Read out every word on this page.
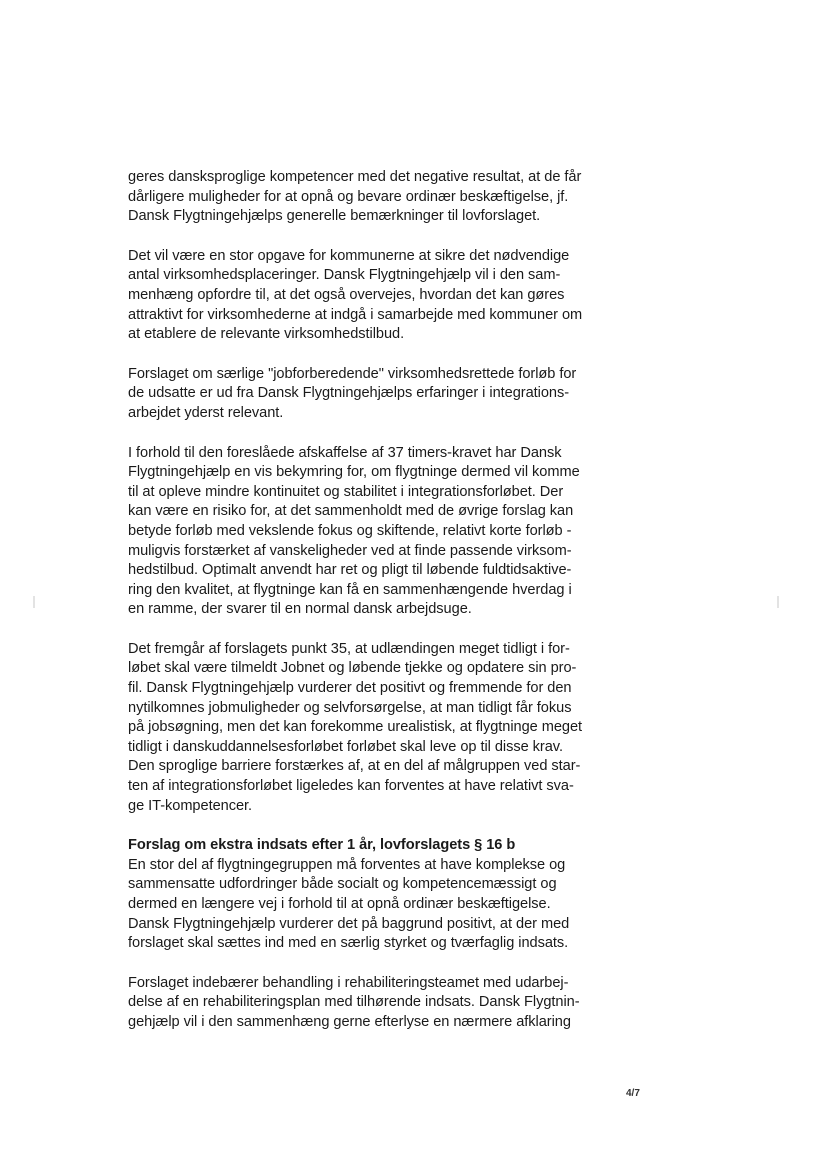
geres dansksproglige kompetencer med det negative resultat, at de får
dårligere muligheder for at opnå og bevare ordinær beskæftigelse, jf.
Dansk Flygtningehjælps generelle bemærkninger til lovforslaget.
Det vil være en stor opgave for kommunerne at sikre det nødvendige
antal virksomhedsplaceringer. Dansk Flygtningehjælp vil i den sam-
menhæng opfordre til, at det også overvejes, hvordan det kan gøres
attraktivt for virksomhederne at indgå i samarbejde med kommuner om
at etablere de relevante virksomhedstilbud.
Forslaget om særlige "jobforberedende" virksomhedsrettede forløb for
de udsatte er ud fra Dansk Flygtningehjælps erfaringer i integrations-
arbejdet yderst relevant.
I forhold til den foreslåede afskaffelse af 37 timers-kravet har Dansk
Flygtningehjælp en vis bekymring for, om flygtninge dermed vil komme
til at opleve mindre kontinuitet og stabilitet i integrationsforløbet. Der
kan være en risiko for, at det sammenholdt med de øvrige forslag kan
betyde forløb med vekslende fokus og skiftende, relativt korte forløb -
muligvis forstærket af vanskeligheder ved at finde passende virksom-
hedstilbud. Optimalt anvendt har ret og pligt til løbende fuldtidsaktive-
ring den kvalitet, at flygtninge kan få en sammenhængende hverdag i
en ramme, der svarer til en normal dansk arbejdsuge.
Det fremgår af forslagets punkt 35, at udlændingen meget tidligt i for-
løbet skal være tilmeldt Jobnet og løbende tjekke og opdatere sin pro-
fil. Dansk Flygtningehjælp vurderer det positivt og fremmende for den
nytilkomnes jobmuligheder og selvforsørgelse, at man tidligt får fokus
på jobsøgning, men det kan forekomme urealistisk, at flygtninge meget
tidligt i danskuddannelsesforløbet forløbet skal leve op til disse krav.
Den sproglige barriere forstærkes af, at en del af målgruppen ved star-
ten af integrationsforløbet ligeledes kan forventes at have relativt sva-
ge IT-kompetencer.
Forslag om ekstra indsats efter 1 år, lovforslagets § 16 b
En stor del af flygtningegruppen må forventes at have komplekse og
sammensatte udfordringer både socialt og kompetencemæssigt og
dermed en længere vej i forhold til at opnå ordinær beskæftigelse.
Dansk Flygtningehjælp vurderer det på baggrund positivt, at der med
forslaget skal sættes ind med en særlig styrket og tværfaglig indsats.
Forslaget indebærer behandling i rehabiliteringsteamet med udarbej-
delse af en rehabiliteringsplan med tilhørende indsats. Dansk Flygtnin-
gehjælp vil i den sammenhæng gerne efterlyse en nærmere afklaring
4/7
